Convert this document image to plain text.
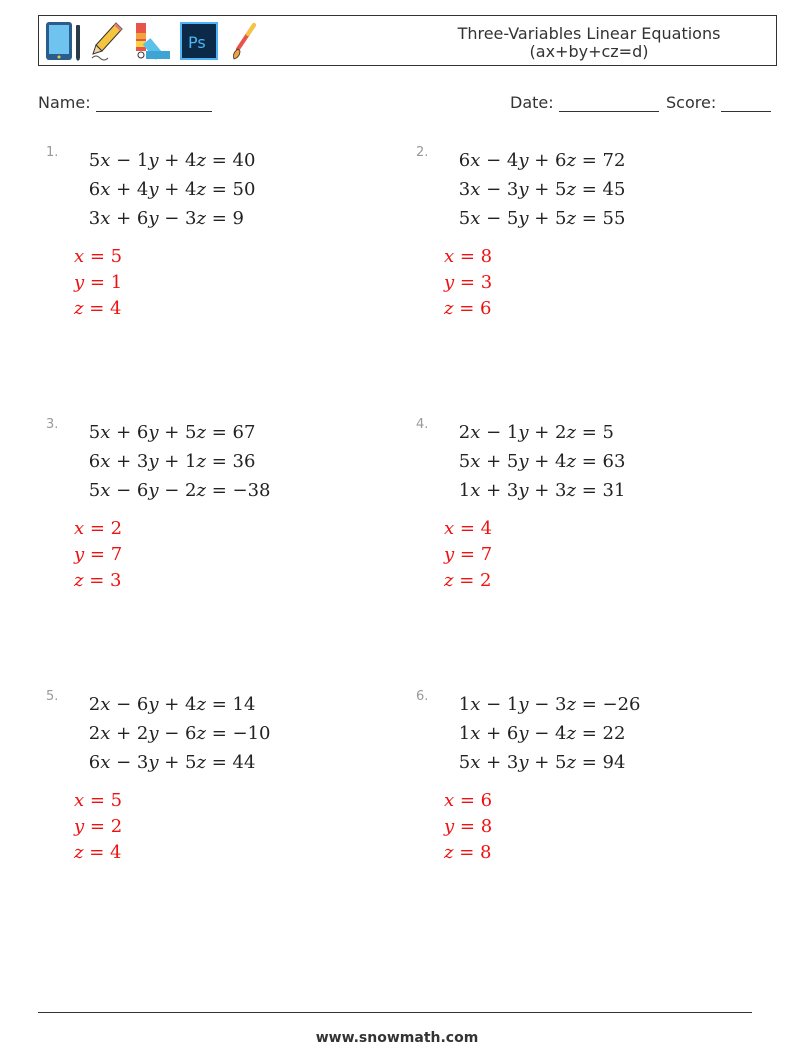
Ps	Three-Variables Linear Equations
(ax+by+cz=d)
Name:	Date:	Score:
1.	5x − 1y + 4z = 40
6x + 4y + 4z = 50
3x + 6y − 3z = 9
x = 5
y = 1
z = 4
2.	6x − 4y + 6z = 72
3x − 3y + 5z = 45
5x − 5y + 5z = 55
x = 8
y = 3
z = 6
3.	5x + 6y + 5z = 67
6x + 3y + 1z = 36
5x − 6y − 2z = −38
x = 2
y = 7
z = 3
4.	2x − 1y + 2z = 5
5x + 5y + 4z = 63
1x + 3y + 3z = 31
x = 4
y = 7
z = 2
5.	2x − 6y + 4z = 14
2x + 2y − 6z = −10
6x − 3y + 5z = 44
x = 5
y = 2
z = 4
6.	1x − 1y − 3z = −26
1x + 6y − 4z = 22
5x + 3y + 5z = 94
x = 6
y = 8
z = 8
www.snowmath.com
